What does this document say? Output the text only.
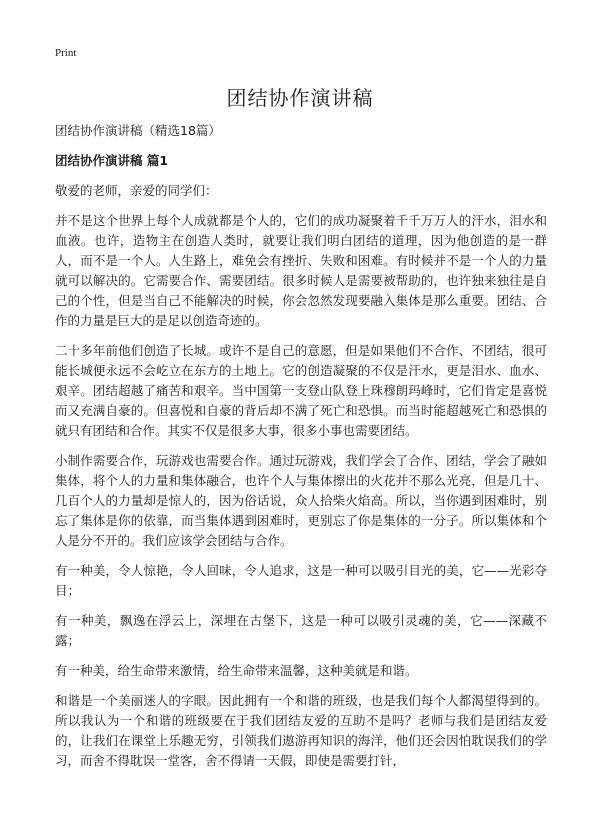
Print
团结协作演讲稿

团结协作演讲稿（精选18篇）

团结协作演讲稿 篇1

敬爱的老师，亲爱的同学们：

并不是这个世界上每个人成就都是个人的，它们的成功凝聚着千千万万人的汗水，泪水和血液。也许，造物主在创造人类时，就要让我们明白团结的道理，因为他创造的是一群人，而不是一个人。人生路上，难免会有挫折、失败和困难。有时候并不是一个人的力量就可以解决的。它需要合作、需要团结。很多时候人是需要被帮助的，也许独来独往是自己的个性，但是当自己不能解决的时候，你会忽然发现要融入集体是那么重要。团结、合作的力量是巨大的是足以创造奇迹的。

二十多年前他们创造了长城。或许不是自己的意愿，但是如果他们不合作、不团结，很可能长城便永远不会屹立在东方的土地上。它的创造凝聚的不仅是汗水，更是泪水、血水、艰辛。团结超越了痛苦和艰辛。当中国第一支登山队登上珠穆朗玛峰时，它们肯定是喜悦而又充满自豪的。但喜悦和自豪的背后却不满了死亡和恐惧。而当时能超越死亡和恐惧的就只有团结和合作。其实不仅是很多大事，很多小事也需要团结。

小制作需要合作，玩游戏也需要合作。通过玩游戏，我们学会了合作、团结，学会了融如集体，将个人的力量和集体融合，也许个人与集体擦出的火花并不那么光亮，但是几十、几百个人的力量却是惊人的，因为俗话说，众人拾柴火焰高。所以，当你遇到困难时，别忘了集体是你的依靠，而当集体遇到困难时，更别忘了你是集体的一分子。所以集体和个人是分不开的。我们应该学会团结与合作。

有一种美，令人惊艳，令人回味，令人追求，这是一种可以吸引目光的美，它——光彩夺目；

有一种美，飘逸在浮云上，深埋在古堡下，这是一种可以吸引灵魂的美，它——深藏不露；

有一种美，给生命带来激情，给生命带来温馨，这种美就是和谐。

和谐是一个美丽迷人的字眼。因此拥有一个和谐的班级，也是我们每个人都渴望得到的。所以我认为一个和谐的班级要在于我们团结友爱的互助不是吗？老师与我们是团结友爱的，让我们在课堂上乐趣无穷，引领我们遨游再知识的海洋，他们还会因怕耽误我们的学习，而舍不得耽误一堂客，舍不得请一天假，即使是需要打针，
